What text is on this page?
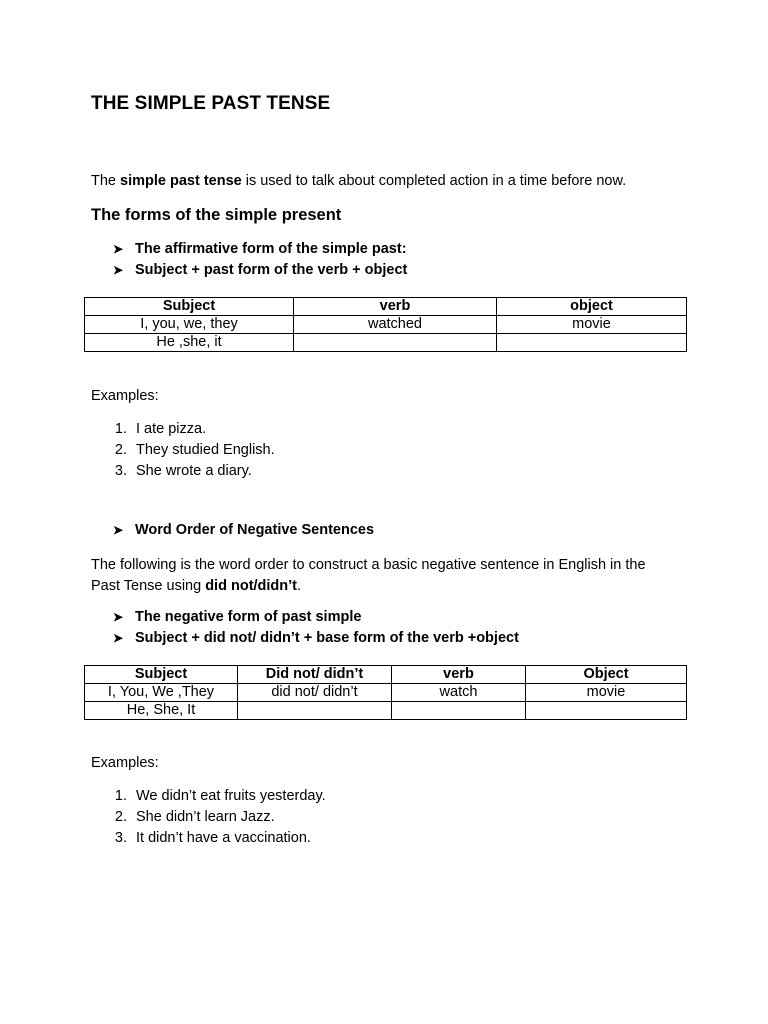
THE SIMPLE PAST TENSE

The simple past tense is used to talk about completed action in a time before now.

The forms of the simple present
➤ The affirmative form of the simple past:
➤ Subject + past form of the verb + object
Subject	verb	object
I, you, we, they	watched	movie
He ,she, it		

Examples:

1. I ate pizza.
2. They studied English.
3. She wrote a diary.
➤ Word Order of Negative Sentences

The following is the word order to construct a basic negative sentence in English in the
Past Tense using did not/didn’t.

➤ The negative form of past simple
➤ Subject + did not/ didn’t + base form of the verb +object
Subject	Did not/ didn’t	verb	Object
I, You, We ,They	did not/ didn’t	watch	movie
He, She, It			

Examples:

1. We didn’t eat fruits yesterday.
2. She didn’t learn Jazz.
3. It didn’t have a vaccination.
